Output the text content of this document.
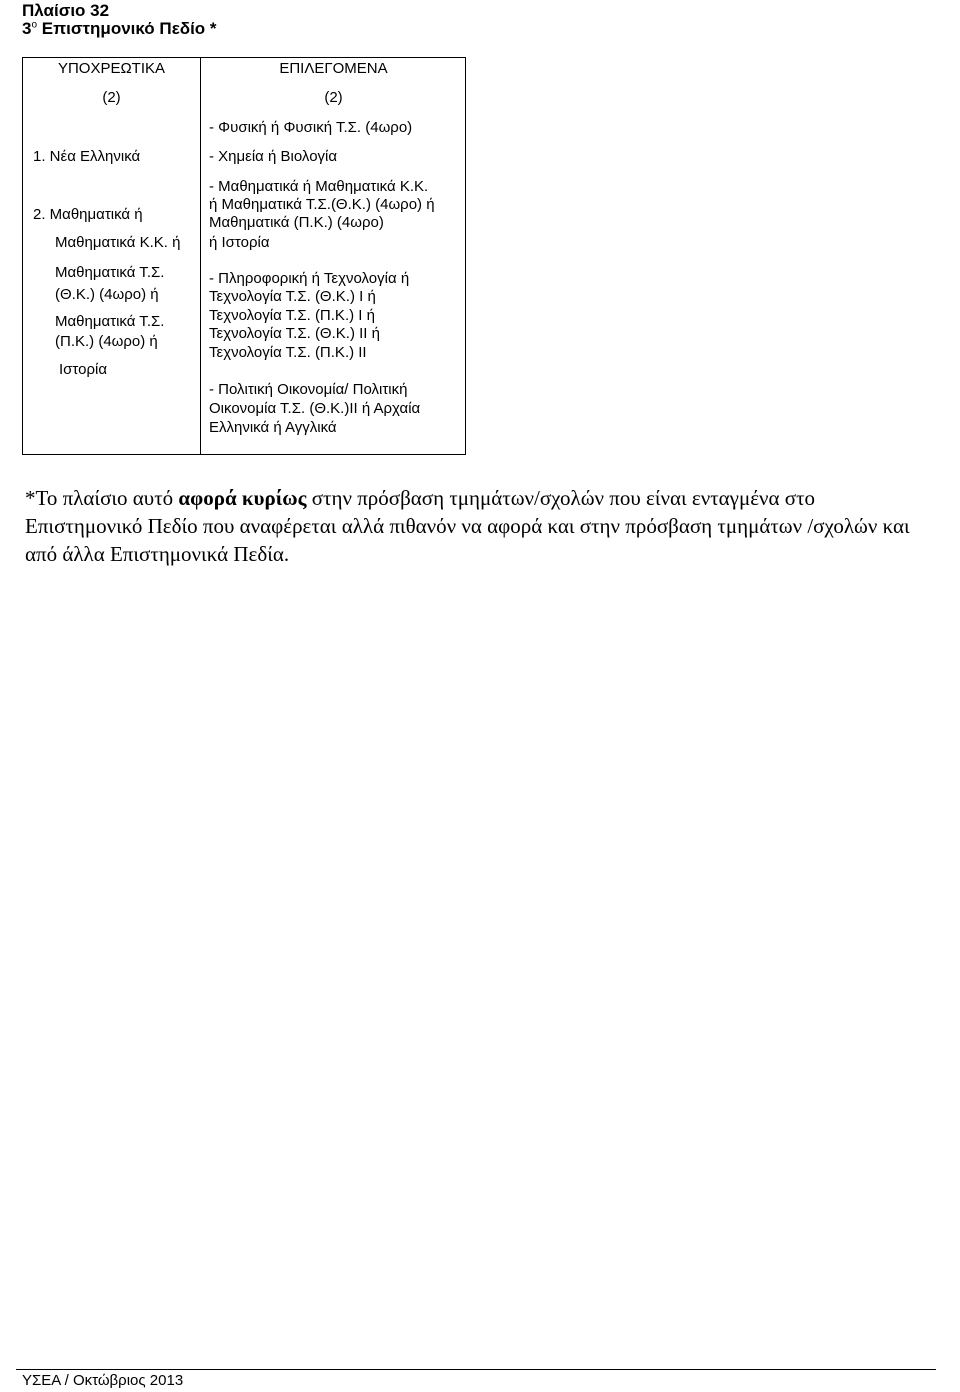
Πλαίσιο 32
$3^o$ Επιστημονικό Πεδίο *
ΥΠΟΧΡΕΩΤΙΚΑ
(2)
ΕΠΙΛΕΓΟΜΕΝΑ
(2)
1. Νέα Ελληνικά
2. Μαθηματικά ή
Μαθηματικά Κ.Κ. ή
Μαθηματικά Τ.Σ.
(Θ.Κ.) (4ωρο) ή
Μαθηματικά Τ.Σ.
(Π.Κ.) (4ωρο) ή
Ιστορία
- Φυσική ή Φυσική Τ.Σ. (4ωρο)
- Χημεία ή Βιολογία
- Μαθηματικά ή Μαθηματικά Κ.Κ.
ή Μαθηματικά Τ.Σ.(Θ.Κ.) (4ωρο) ή
Μαθηματικά (Π.Κ.) (4ωρο)
ή Ιστορία
- Πληροφορική ή Τεχνολογία ή
Τεχνολογία Τ.Σ. (Θ.Κ.) Ι ή
Τεχνολογία Τ.Σ. (Π.Κ.) Ι ή
Τεχνολογία Τ.Σ. (Θ.Κ.) ΙΙ ή
Τεχνολογία Τ.Σ. (Π.Κ.) ΙΙ
- Πολιτική Οικονομία/ Πολιτική
Οικονομία Τ.Σ. (Θ.Κ.)ΙΙ ή Αρχαία
Ελληνικά ή Αγγλικά
*Το πλαίσιο αυτό αφορά κυρίως στην πρόσβαση τμημάτων/σχολών που είναι ενταγμένα στο Επιστημονικό Πεδίο που αναφέρεται αλλά πιθανόν να αφορά και στην πρόσβαση τμημάτων /σχολών και από άλλα Επιστημονικά Πεδία.
ΥΣΕΑ / Οκτώβριος 2013
